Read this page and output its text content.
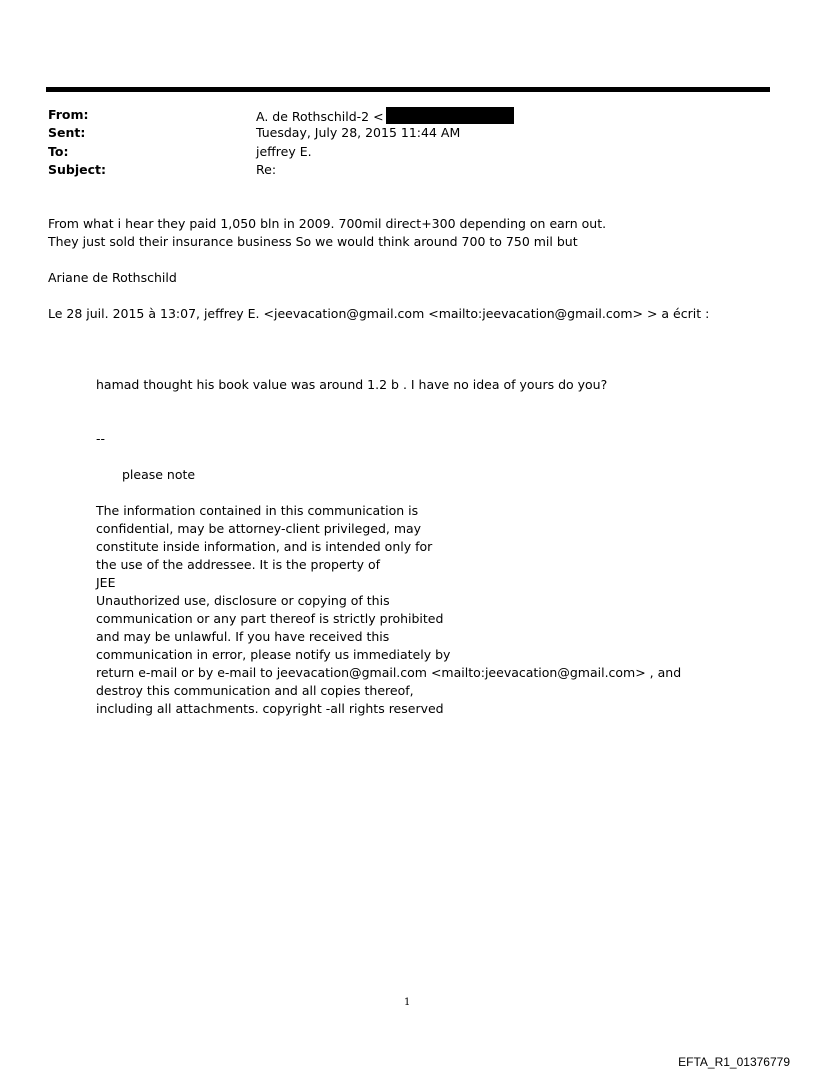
From:	A. de Rothschild-2 <
Sent:	Tuesday, July 28, 2015 11:44 AM
To:	jeffrey E.
Subject:	Re:
From what i hear they paid 1,050 bln in 2009. 700mil direct+300 depending on earn out.
They just sold their insurance business So we would think around 700 to 750 mil but
Ariane de Rothschild
Le 28 juil. 2015 à 13:07, jeffrey E. <jeevacation@gmail.com <mailto:jeevacation@gmail.com> > a écrit :
hamad thought his book value was around 1.2 b . I have no idea of yours do you?
--
please note
The information contained in this communication is
confidential, may be attorney-client privileged, may
constitute inside information, and is intended only for
the use of the addressee. It is the property of
JEE
Unauthorized use, disclosure or copying of this
communication or any part thereof is strictly prohibited
and may be unlawful. If you have received this
communication in error, please notify us immediately by
return e-mail or by e-mail to jeevacation@gmail.com <mailto:jeevacation@gmail.com> , and
destroy this communication and all copies thereof,
including all attachments. copyright -all rights reserved
1
EFTA_R1_01376779
